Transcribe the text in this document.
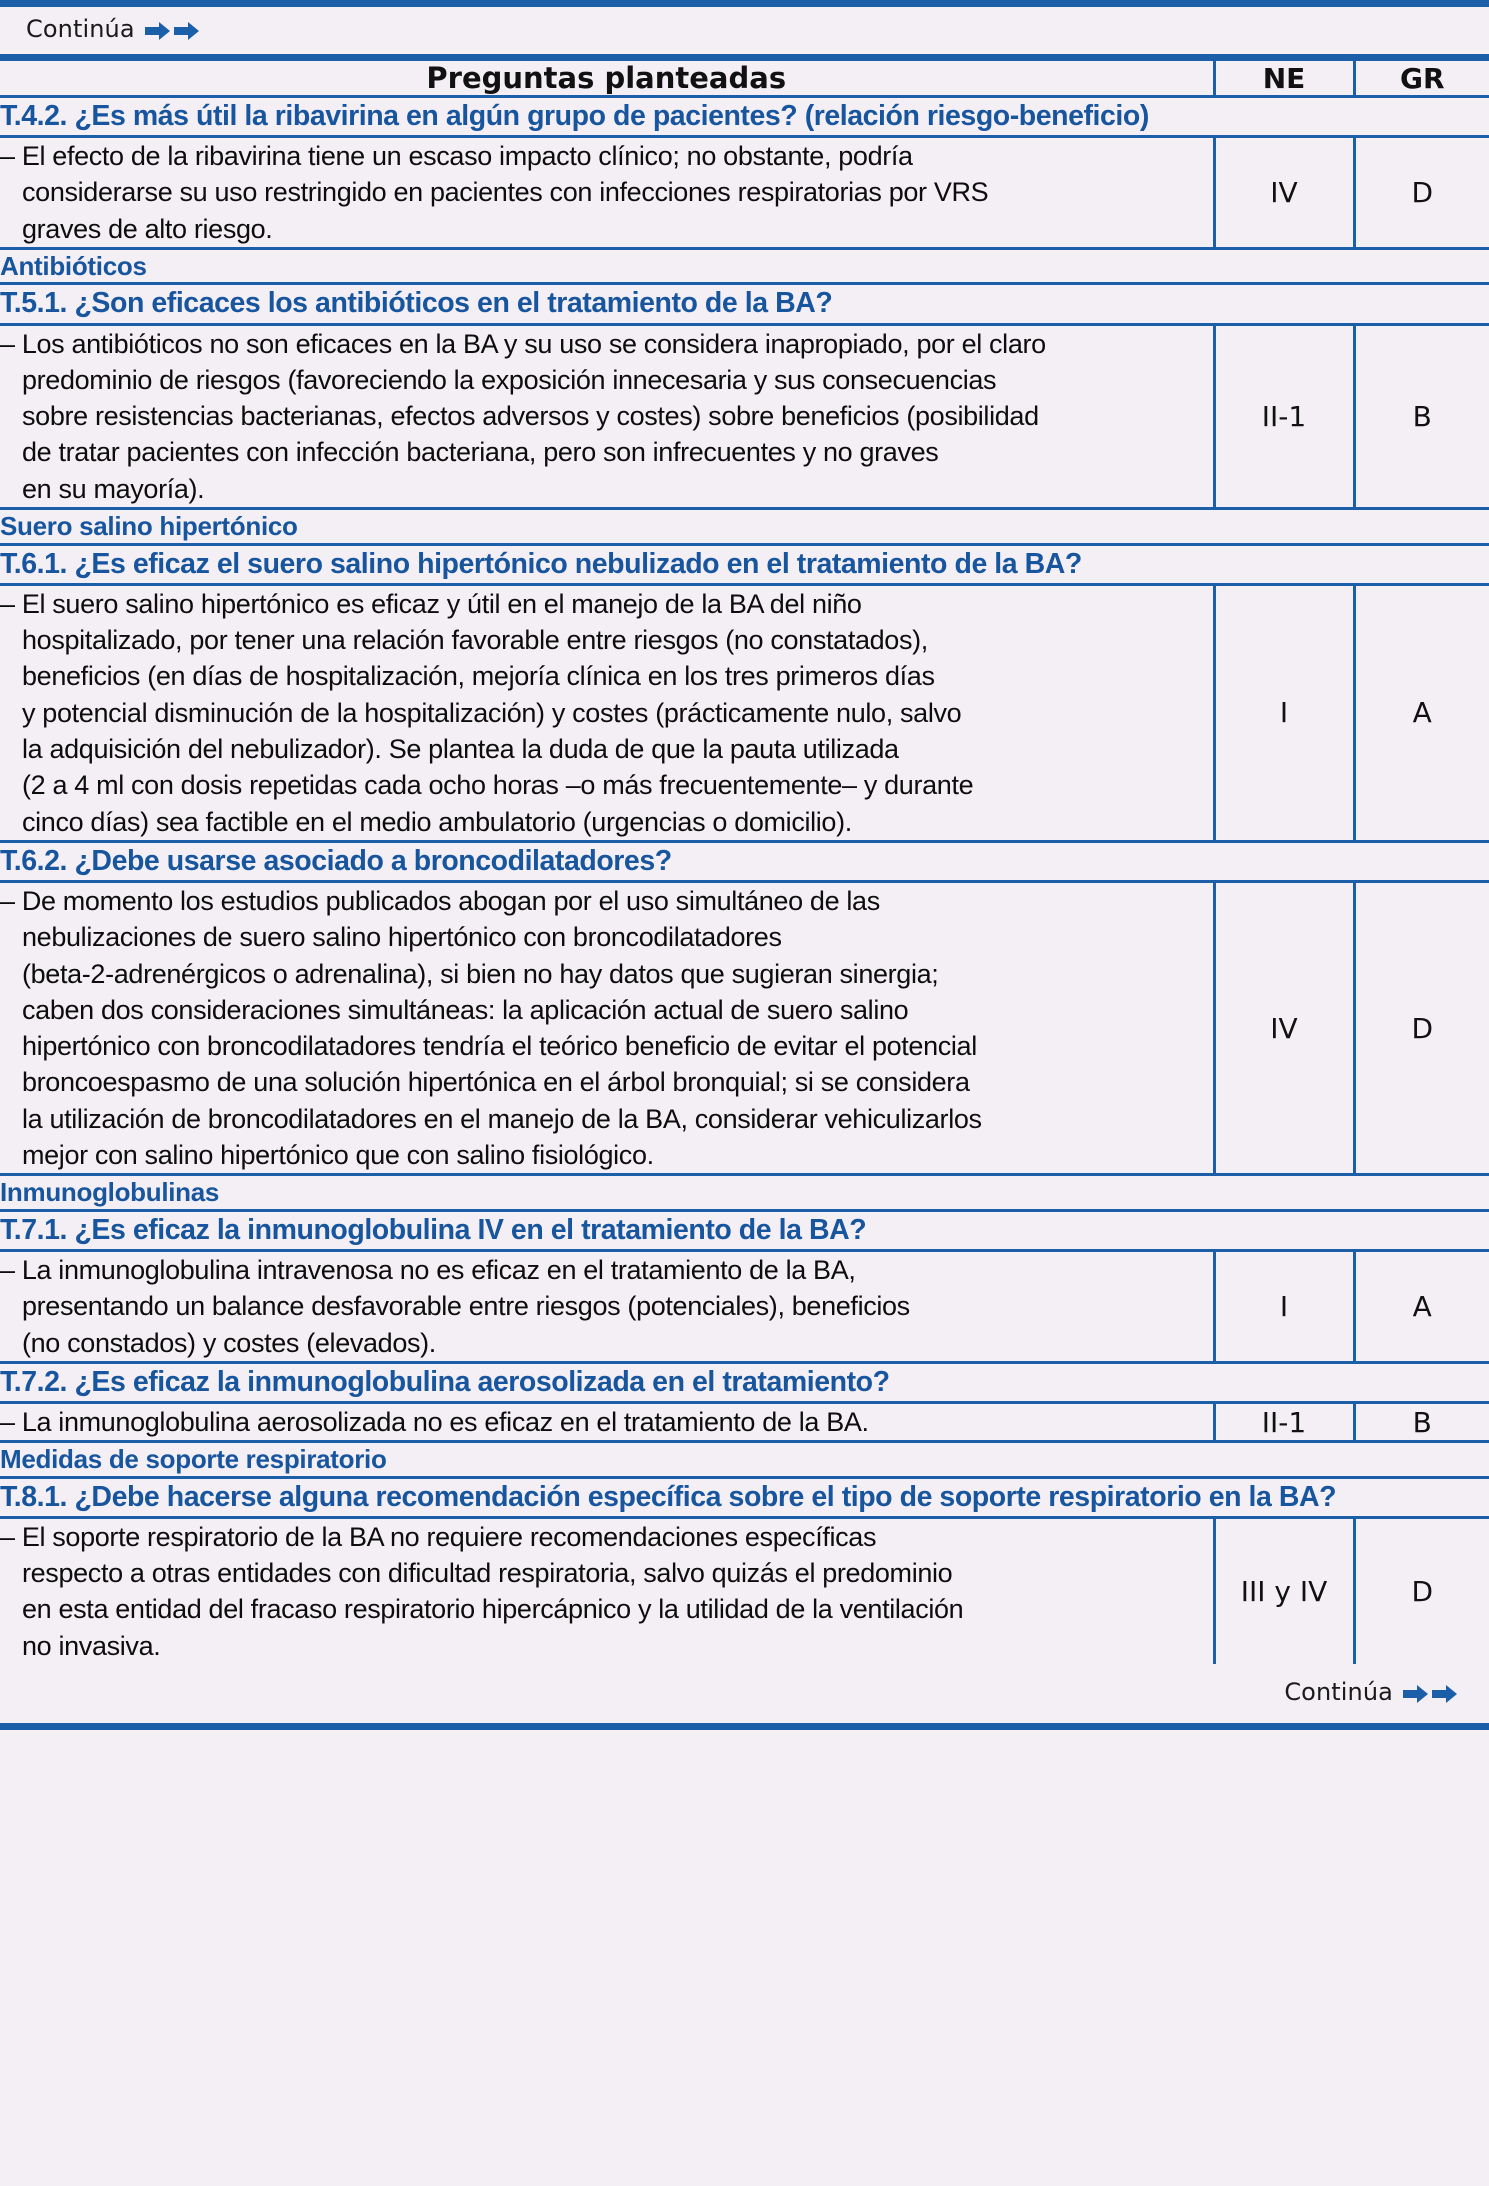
Continúa
Preguntas planteadas	NE	GR
T.4.2. ¿Es más útil la ribavirina en algún grupo de pacientes? (relación riesgo-beneficio)		

– El efecto de la ribavirina tiene un escaso impacto clínico; no obstante, podría
considerarse su uso restringido en pacientes con infecciones respiratorias por VRS
graves de alto riesgo.	IV	D
Antibióticos		
T.5.1. ¿Son eficaces los antibióticos en el tratamiento de la BA?		

– Los antibióticos no son eficaces en la BA y su uso se considera inapropiado, por el claro
predominio de riesgos (favoreciendo la exposición innecesaria y sus consecuencias
sobre resistencias bacterianas, efectos adversos y costes) sobre beneficios (posibilidad
de tratar pacientes con infección bacteriana, pero son infrecuentes y no graves
en su mayoría).	II-1	B
Suero salino hipertónico		
T.6.1. ¿Es eficaz el suero salino hipertónico nebulizado en el tratamiento de la BA?		

– El suero salino hipertónico es eficaz y útil en el manejo de la BA del niño
hospitalizado, por tener una relación favorable entre riesgos (no constatados),
beneficios (en días de hospitalización, mejoría clínica en los tres primeros días
y potencial disminución de la hospitalización) y costes (prácticamente nulo, salvo
la adquisición del nebulizador). Se plantea la duda de que la pauta utilizada
(2 a 4 ml con dosis repetidas cada ocho horas –o más frecuentemente– y durante
cinco días) sea factible en el medio ambulatorio (urgencias o domicilio).
	I	A
T.6.2. ¿Debe usarse asociado a broncodilatadores?		

– De momento los estudios publicados abogan por el uso simultáneo de las
nebulizaciones de suero salino hipertónico con broncodilatadores
(beta-2-adrenérgicos o adrenalina), si bien no hay datos que sugieran sinergia;
caben dos consideraciones simultáneas: la aplicación actual de suero salino
hipertónico con broncodilatadores tendría el teórico beneficio de evitar el potencial
broncoespasmo de una solución hipertónica en el árbol bronquial; si se considera
la utilización de broncodilatadores en el manejo de la BA, considerar vehiculizarlos
mejor con salino hipertónico que con salino fisiológico.
	IV	D
Inmunoglobulinas		
T.7.1. ¿Es eficaz la inmunoglobulina IV en el tratamiento de la BA?		

– La inmunoglobulina intravenosa no es eficaz en el tratamiento de la BA,
presentando un balance desfavorable entre riesgos (potenciales), beneficios
(no constados) y costes (elevados).	I	A
T.7.2. ¿Es eficaz la inmunoglobulina aerosolizada en el tratamiento?		

– La inmunoglobulina aerosolizada no es eficaz en el tratamiento de la BA.	II-1	B
Medidas de soporte respiratorio		
T.8.1. ¿Debe hacerse alguna recomendación específica sobre el tipo de soporte respiratorio en la BA?		

– El soporte respiratorio de la BA no requiere recomendaciones específicas
respecto a otras entidades con dificultad respiratoria, salvo quizás el predominio
en esta entidad del fracaso respiratorio hipercápnico y la utilidad de la ventilación
no invasiva.	III y IV	D
Continúa
